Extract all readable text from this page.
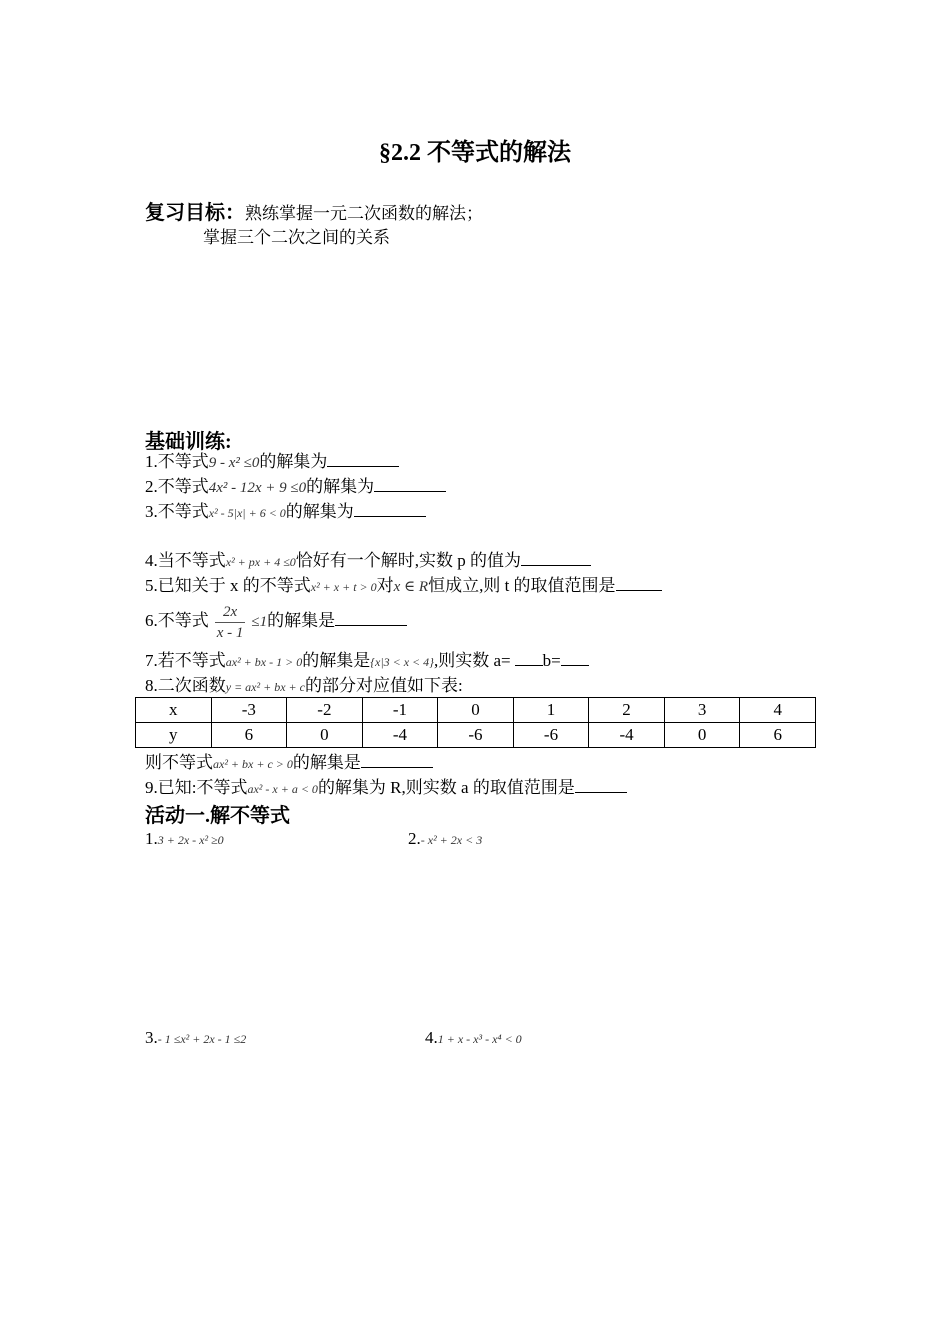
§2.2 不等式的解法
复习目标：熟练掌握一元二次函数的解法；
掌握三个二次之间的关系
基础训练:
1.不等式9 - x² ≤0的解集为
2.不等式4x² - 12x + 9 ≤0的解集为
3.不等式x² - 5|x| + 6 < 0的解集为
4.当不等式x² + px + 4 ≤0恰好有一个解时,实数 p 的值为
5.已知关于 x 的不等式x² + x + t > 0对x ∈ R恒成立,则 t 的取值范围是
6.不等式 $\frac{2x}{x - 1} \le 1$的解集是
7.若不等式ax² + bx - 1 > 0的解集是{x|3 < x < 4},则实数 a= b=
8.二次函数y = ax² + bx + c的部分对应值如下表:
x	-3	-2	-1	0	1	2	3	4
y	6	0	-4	-6	-6	-4	0	6
则不等式ax² + bx + c > 0的解集是
9.已知:不等式ax² - x + a < 0的解集为 R,则实数 a 的取值范围是
活动一.解不等式
1.3 + 2x - x² ≥0	2.- x² + 2x < 3
3.- 1 ≤x² + 2x - 1 ≤2	4.1 + x - x³ - x⁴ < 0
